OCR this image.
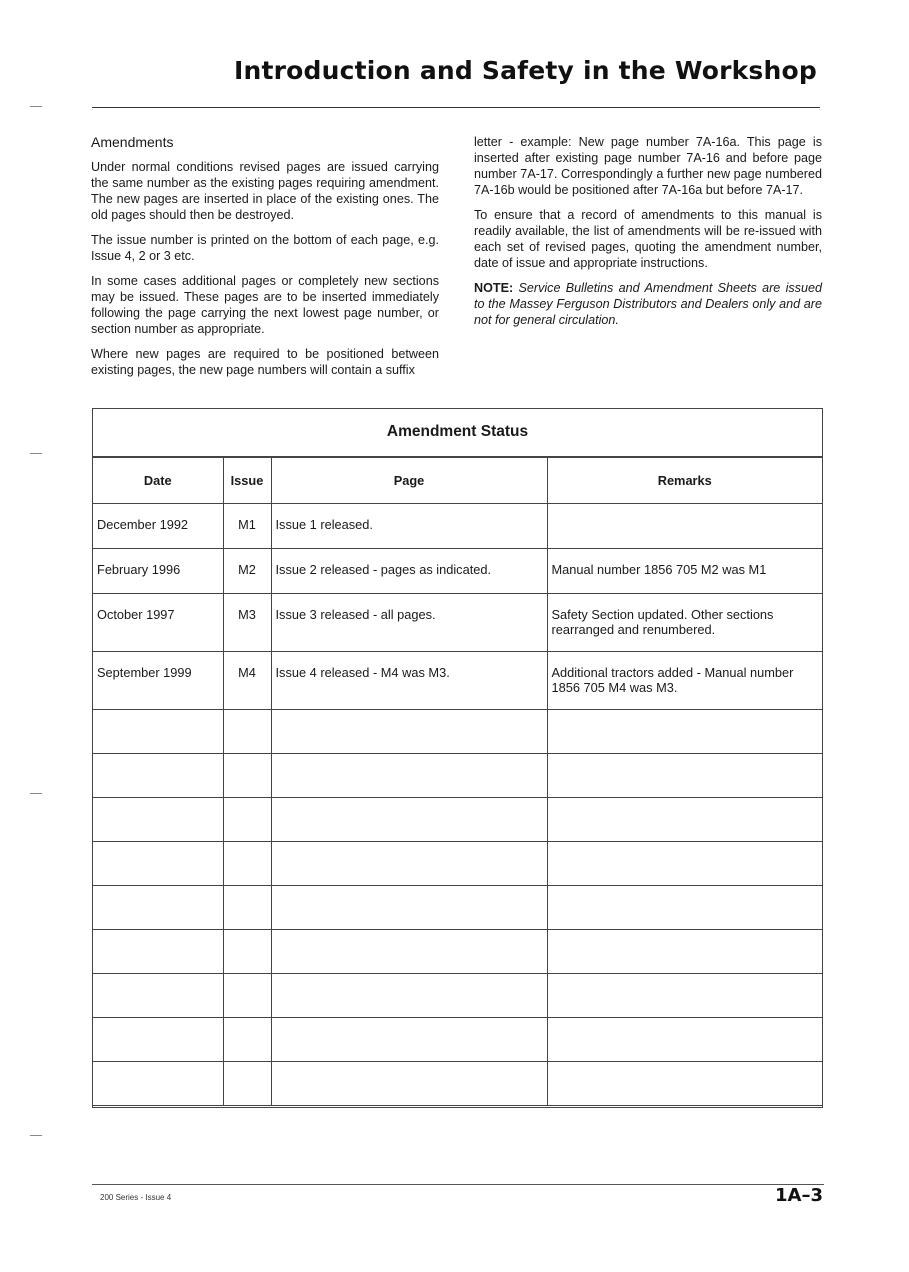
Introduction and Safety in the Workshop

Amendments

Under normal conditions revised pages are issued carrying the same number as the existing pages requiring amendment. The new pages are inserted in place of the existing ones. The old pages should then be destroyed.

The issue number is printed on the bottom of each page, e.g. Issue 4, 2 or 3 etc.

In some cases additional pages or completely new sections may be issued. These pages are to be inserted immediately following the page carrying the next lowest page number, or section number as appropriate.

Where new pages are required to be positioned between existing pages, the new page numbers will contain a suffix

letter - example: New page number 7A-16a. This page is inserted after existing page number 7A-16 and before page number 7A-17. Correspondingly a further new page numbered 7A-16b would be positioned after 7A-16a but before 7A-17.

To ensure that a record of amendments to this manual is readily available, the list of amendments will be re-issued with each set of revised pages, quoting the amendment number, date of issue and appropriate instructions.

NOTE: Service Bulletins and Amendment Sheets are issued to the Massey Ferguson Distributors and Dealers only and are not for general circulation.

Amendment Status
Date	Issue	Page	Remarks

December 1992	M1	Issue 1 released.	

February 1996	M2	Issue 2 released - pages as indicated.	Manual number 1856 705 M2 was M1

October 1997	M3	Issue 3 released - all pages.	Safety Section updated. Other sections rearranged and renumbered.

September 1999	M4	Issue 4 released - M4 was M3.	Additional tractors added - Manual number 1856 705 M4 was M3.

200 Series - Issue 4	1A–3
